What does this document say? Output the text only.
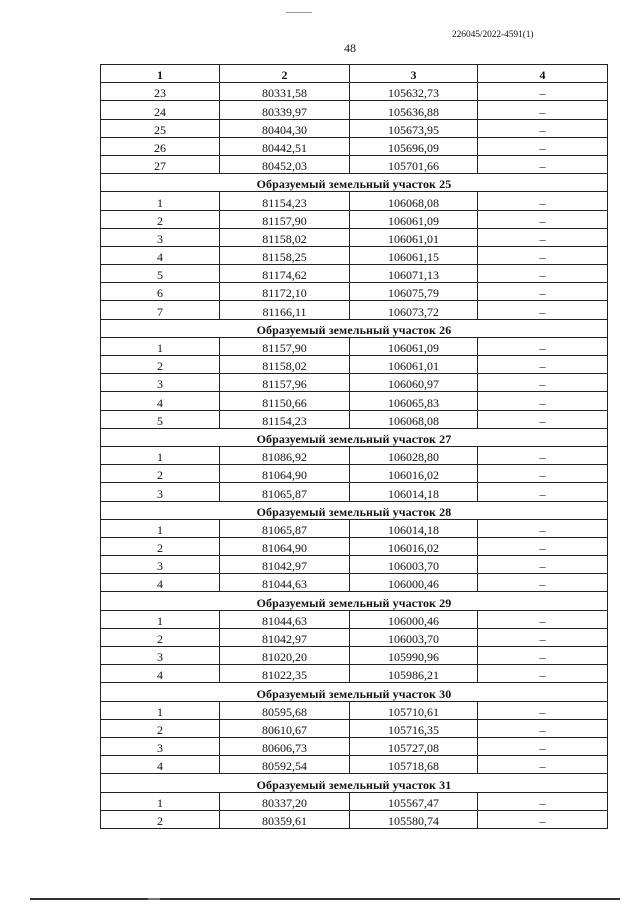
226045/2022-4591(1)
48
1	2	3	4
23	80331,58	105632,73	–
24	80339,97	105636,88	–
25	80404,30	105673,95	–
26	80442,51	105696,09	–
27	80452,03	105701,66	–
Образуемый земельный участок 25			
1	81154,23	106068,08	–
2	81157,90	106061,09	–
3	81158,02	106061,01	–
4	81158,25	106061,15	–
5	81174,62	106071,13	–
6	81172,10	106075,79	–
7	81166,11	106073,72	–
Образуемый земельный участок 26			
1	81157,90	106061,09	–
2	81158,02	106061,01	–
3	81157,96	106060,97	–
4	81150,66	106065,83	–
5	81154,23	106068,08	–
Образуемый земельный участок 27			
1	81086,92	106028,80	–
2	81064,90	106016,02	–
3	81065,87	106014,18	–
Образуемый земельный участок 28			
1	81065,87	106014,18	–
2	81064,90	106016,02	–
3	81042,97	106003,70	–
4	81044,63	106000,46	–
Образуемый земельный участок 29			
1	81044,63	106000,46	–
2	81042,97	106003,70	–
3	81020,20	105990,96	–
4	81022,35	105986,21	–
Образуемый земельный участок 30			
1	80595,68	105710,61	–
2	80610,67	105716,35	–
3	80606,73	105727,08	–
4	80592,54	105718,68	–
Образуемый земельный участок 31			
1	80337,20	105567,47	–
2	80359,61	105580,74	–
